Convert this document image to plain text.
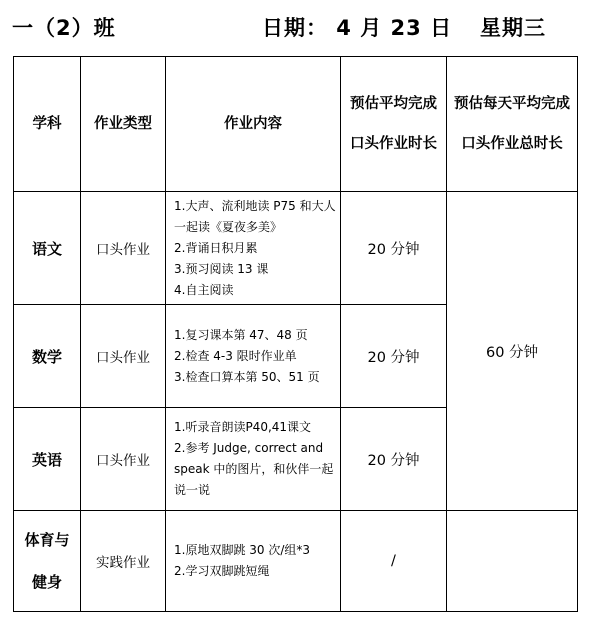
一（2）班	日期： 4 月 23 日 星期三
学科	作业类型	作业内容	预估平均完成口头作业时长	预估每天平均完成口头作业总时长
语文	口头作业	1.大声、流利地读 P75 和大人一起读《夏夜多美》
2.背诵日积月累
3.预习阅读 13 课
4.自主阅读	20 分钟	60 分钟
数学	口头作业	1.复习课本第 47、48 页
2.检查 4-3 限时作业单
3.检查口算本第 50、51 页	20 分钟	
英语	口头作业	1.听录音朗读P40,41课文
2.参考 Judge, correct and speak 中的图片，和伙伴一起说一说	20 分钟	
体育与健身	实践作业	1.原地双脚跳 30 次/组*3
2.学习双脚跳短绳	/	
